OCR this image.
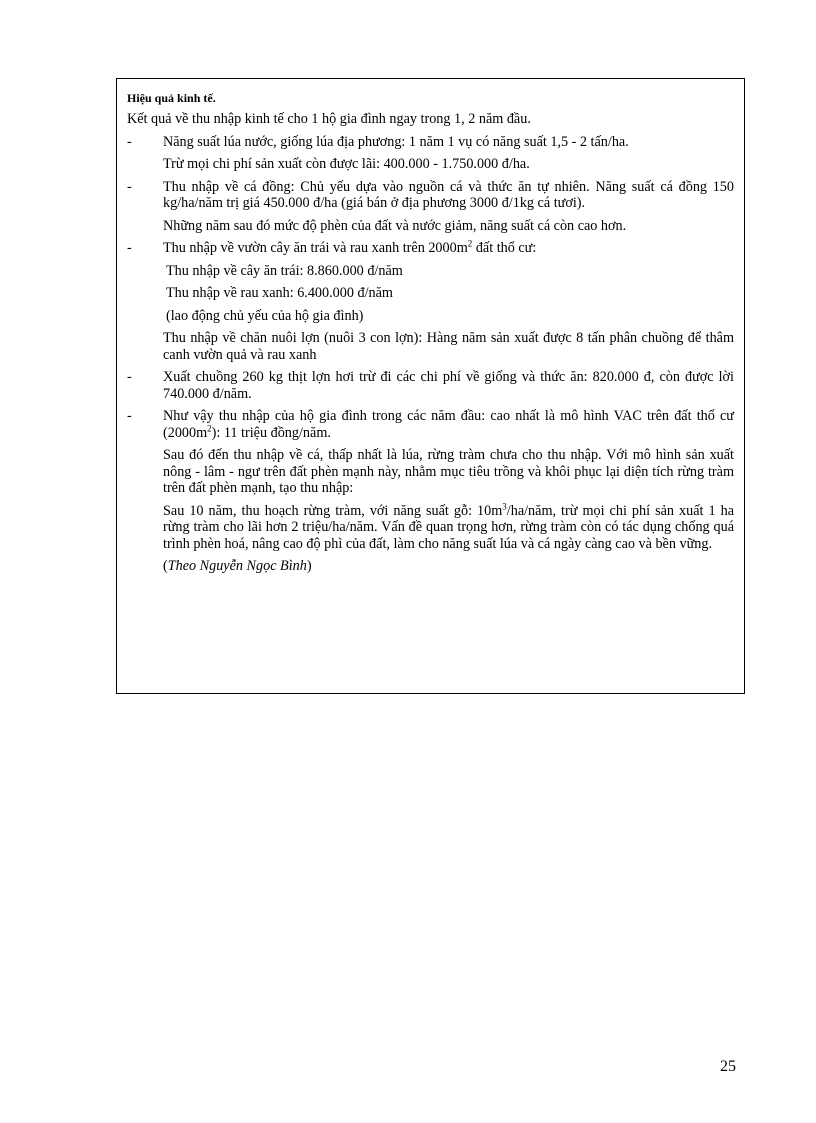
Hiệu quả kinh tế.

Kết quả về thu nhập kinh tế cho 1 hộ gia đình ngay trong 1, 2 năm đầu.

- Năng suất lúa nước, giống lúa địa phương: 1 năm 1 vụ có năng suất 1,5 - 2 tấn/ha.

Trừ mọi chi phí sản xuất còn được lãi: 400.000 - 1.750.000 đ/ha.

- Thu nhập về cá đồng: Chủ yếu dựa vào nguồn cá và thức ăn tự nhiên. Năng suất cá đồng 150 kg/ha/năm trị giá 450.000 đ/ha (giá bán ở địa phương 3000 đ/1kg cá tươi).

Những năm sau đó mức độ phèn của đất và nước giảm, năng suất cá còn cao hơn.

- Thu nhập về vườn cây ăn trái và rau xanh trên $2000m^2$ đất thổ cư:

Thu nhập về cây ăn trái: 8.860.000 đ/năm

Thu nhập về rau xanh: 6.400.000 đ/năm

(lao động chủ yếu của hộ gia đình)

Thu nhập về chăn nuôi lợn (nuôi 3 con lợn): Hàng năm sản xuất được 8 tấn phân chuồng để thâm canh vườn quả và rau xanh

- Xuất chuồng 260 kg thịt lợn hơi trừ đi các chi phí về giống và thức ăn: 820.000 đ, còn được lời 740.000 đ/năm.

- Như vậy thu nhập của hộ gia đình trong các năm đầu: cao nhất là mô hình VAC trên đất thổ cư $(2000m^2)$: 11 triệu đồng/năm.

Sau đó đến thu nhập về cá, thấp nhất là lúa, rừng tràm chưa cho thu nhập. Với mô hình sản xuất nông - lâm - ngư trên đất phèn mạnh này, nhằm mục tiêu trồng và khôi phục lại diện tích rừng tràm trên đất phèn mạnh, tạo thu nhập:

Sau 10 năm, thu hoạch rừng tràm, với năng suất gỗ: $10m^3/ha$/năm, trừ mọi chi phí sản xuất 1 ha rừng tràm cho lãi hơn 2 triệu/ha/năm. Vấn đề quan trọng hơn, rừng tràm còn có tác dụng chống quá trình phèn hoá, nâng cao độ phì của đất, làm cho năng suất lúa và cá ngày càng cao và bền vững.

(Theo Nguyễn Ngọc Bình)

25
